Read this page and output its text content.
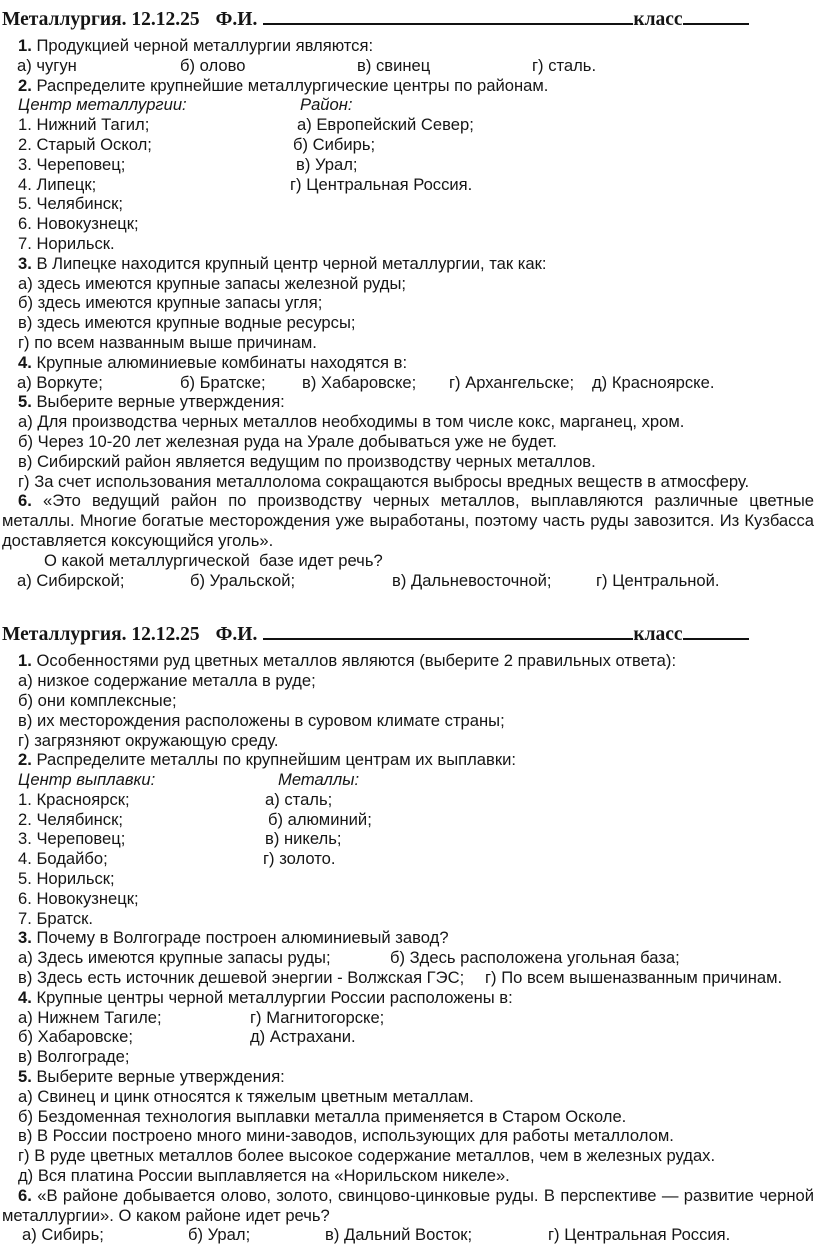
Металлургия. 12.12.25 Ф.И.	класс
1. Продукцией черной металлургии являются:
а) чугун	б) олово	в) свинец	г) сталь.
2. Распределите крупнейшие металлургические центры по районам.
Центр металлургии:	Район:
1. Нижний Тагил;	а) Европейский Север;
2. Старый Оскол;	б) Сибирь;
3. Череповец;	в) Урал;
4. Липецк;	г) Центральная Россия.
5. Челябинск;
6. Новокузнецк;
7. Норильск.
3. В Липецке находится крупный центр черной металлургии, так как:
а) здесь имеются крупные запасы железной руды;
б) здесь имеются крупные запасы угля;
в) здесь имеются крупные водные ресурсы;
г) по всем названным выше причинам.
4. Крупные алюминиевые комбинаты находятся в:
а) Воркуте;	б) Братске; в) Хабаровске; г) Архангельске; д) Красноярске.
5. Выберите верные утверждения:
а) Для производства черных металлов необходимы в том числе кокс, марганец, хром.
б) Через 10-20 лет железная руда на Урале добываться уже не будет.
в) Сибирский район является ведущим по производству черных металлов.
г) За счет использования металлолома сокращаются выбросы вредных веществ в атмосферу.
6. «Это ведущий район по производству черных металлов, выплавляются различные цветные
металлы. Многие богатые месторождения уже выработаны, поэтому часть руды завозится. Из Кузбасса
доставляется коксующийся уголь».
О какой металлургической  базе идет речь?
а) Сибирской;	б) Уральской;	в) Дальневосточной;	г) Центральной.
Металлургия. 12.12.25 Ф.И.	класс
1. Особенностями руд цветных металлов являются (выберите 2 правильных ответа):
а) низкое содержание металла в руде;
б) они комплексные;
в) их месторождения расположены в суровом климате страны;
г) загрязняют окружающую среду.
2. Распределите металлы по крупнейшим центрам их выплавки:
Центр выплавки:	Металлы:
1. Красноярск;	а) сталь;
2. Челябинск;	б) алюминий;
3. Череповец;	в) никель;
4. Бодайбо;	г) золото.
5. Норильск;
6. Новокузнецк;
7. Братск.
3. Почему в Волгограде построен алюминиевый завод?
а) Здесь имеются крупные запасы руды;	б) Здесь расположена угольная база;
в) Здесь есть источник дешевой энергии - Волжская ГЭС; г) По всем вышеназванным причинам.
4. Крупные центры черной металлургии России расположены в:
а) Нижнем Тагиле;	г) Магнитогорске;
б) Хабаровске;	д) Астрахани.
в) Волгограде;
5. Выберите верные утверждения:
а) Свинец и цинк относятся к тяжелым цветным металлам.
б) Бездоменная технология выплавки металла применяется в Старом Осколе.
в) В России построено много мини-заводов, использующих для работы металлолом.
г) В руде цветных металлов более высокое содержание металлов, чем в железных рудах.
д) Вся платина России выплавляется на «Норильском никеле».
6. «В районе добывается олово, золото, свинцово-цинковые руды. В перспективе — развитие черной
металлургии». О каком районе идет речь?
а) Сибирь;	б) Урал;	в) Дальний Восток;	г) Центральная Россия.
